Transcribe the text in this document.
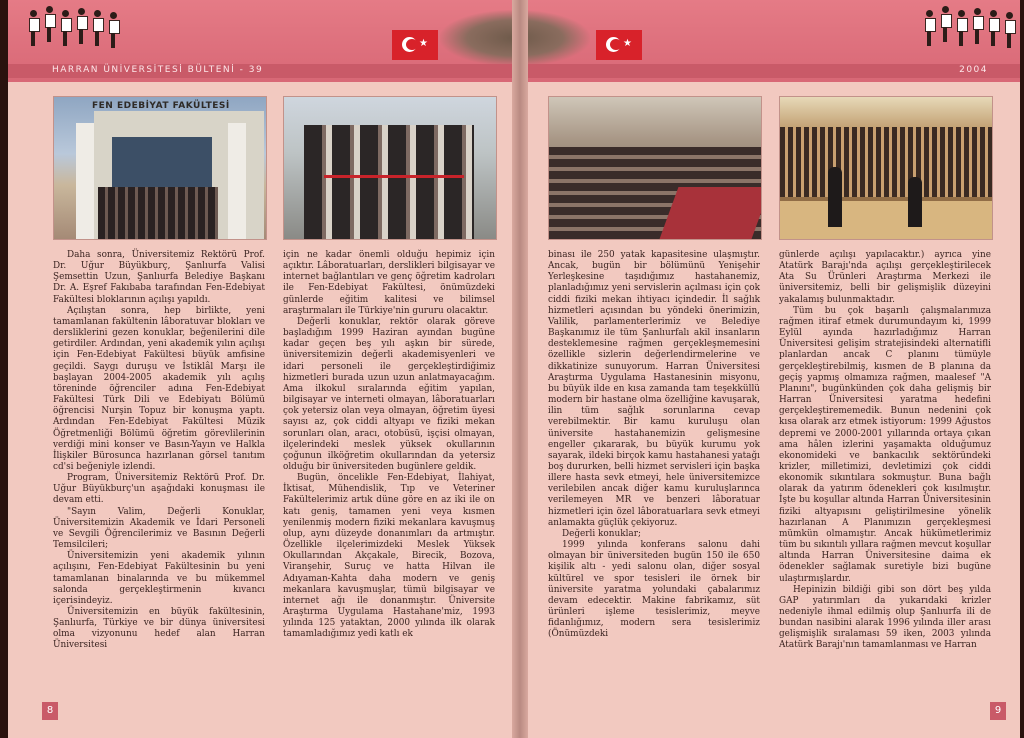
★	★
HARRAN ÜNİVERSİTESİ BÜLTENİ - 39	2004
FEN EDEBİYAT FAKÜLTESİ

Daha sonra, Üniversitemiz Rektörü Prof. Dr. Uğur Büyükburç, Şanlıurfa Valisi Şemsettin Uzun, Şanlıurfa Belediye Başkanı Dr. A. Eşref Fakıbaba tarafından Fen-Edebiyat Fakültesi bloklarının açılışı yapıldı.

Açılıştan sonra, hep birlikte, yeni tamamlanan fakültenin lâboratuvar blokları ve dersliklerini gezen konuklar, beğenilerini dile getirdiler. Ardından, yeni akademik yılın açılışı için Fen-Edebiyat Fakültesi büyük amfisine geçildi. Saygı duruşu ve İstiklâl Marşı ile başlayan 2004-2005 akademik yılı açılış töreninde öğrenciler adına Fen-Edebiyat Fakültesi Türk Dili ve Edebiyatı Bölümü öğrencisi Nurşin Topuz bir konuşma yaptı. Ardından Fen-Edebiyat Fakültesi Müzik Öğretmenliği Bölümü öğretim görevlilerinin verdiği mini konser ve Basın-Yayın ve Halkla İlişkiler Bürosunca hazırlanan görsel tanıtım cd'si beğeniyle izlendi.

Program, Üniversitemiz Rektörü Prof. Dr. Uğur Büyükburç'un aşağıdaki konuşması ile devam etti.

"Sayın Valim, Değerli Konuklar, Üniversitemizin Akademik ve İdari Personeli ve Sevgili Öğrencilerimiz ve Basının Değerli Temsilcileri;

Üniversitemizin yeni akademik yılının açılışını, Fen-Edebiyat Fakültesinin bu yeni tamamlanan binalarında ve bu mükemmel salonda gerçekleştirmenin kıvancı içerisindeyiz.

Üniversitemizin en büyük fakültesinin, Şanlıurfa, Türkiye ve bir dünya üniversitesi olma vizyonunu hedef alan Harran Üniversitesi

için ne kadar önemli olduğu hepimiz için açıktır. Lâboratuarları, derslikleri bilgisayar ve internet bağlantıları ve genç öğretim kadroları ile Fen-Edebiyat Fakültesi, önümüzdeki günlerde eğitim kalitesi ve bilimsel araştırmaları ile Türkiye'nin gururu olacaktır.

Değerli konuklar, rektör olarak göreve başladığım 1999 Haziran ayından bugüne kadar geçen beş yılı aşkın bir sürede, üniversitemizin değerli akademisyenleri ve idari personeli ile gerçekleştirdiğimiz hizmetleri burada uzun uzun anlatmayacağım. Ama ilkokul sıralarında eğitim yapılan, bilgisayar ve interneti olmayan, lâboratuarları çok yetersiz olan veya olmayan, öğretim üyesi sayısı az, çok ciddi altyapı ve fiziki mekan sorunları olan, aracı, otobüsü, işçisi olmayan, ilçelerindeki meslek yüksek okullarının çoğunun ilköğretim okullarından da yetersiz olduğu bir üniversiteden bugünlere geldik.

Bugün, öncelikle Fen-Edebiyat, İlahiyat, İktisat, Mühendislik, Tıp ve Veteriner Fakültelerimiz artık düne göre en az iki ile on katı geniş, tamamen yeni veya kısmen yenilenmiş modern fiziki mekanlara kavuşmuş olup, aynı düzeyde donanımları da artmıştır. Özellikle ilçelerimizdeki Meslek Yüksek Okullarından Akçakale, Birecik, Bozova, Viranşehir, Suruç ve hatta Hilvan ile Adıyaman-Kahta daha modern ve geniş mekanlara kavuşmuşlar, tümü bilgisayar ve internet ağı ile donanmıştır. Üniversite Araştırma Uygulama Hastahane'miz, 1993 yılında 125 yataktan, 2000 yılında ilk olarak tamamladığımız yedi katlı ek

binası ile 250 yatak kapasitesine ulaşmıştır. Ancak, bugün bir bölümünü Yenişehir Yerleşkesine taşıdığımız hastahanemiz, planladığımız yeni servislerin açılması için çok ciddi fiziki mekan ihtiyacı içindedir. İl sağlık hizmetleri açısından bu yöndeki önerimizin, Valilik, parlamenterlerimiz ve Belediye Başkanımız ile tüm Şanlıurfalı akil insanların desteklemesine rağmen gerçekleşmemesini özellikle sizlerin değerlendirmelerine ve dikkatinize sunuyorum. Harran Üniversitesi Araştırma Uygulama Hastanesinin misyonu, bu büyük ilde en kısa zamanda tam teşekküllü modern bir hastane olma özelliğine kavuşarak, ilin tüm sağlık sorunlarına cevap verebilmektir. Bir kamu kuruluşu olan üniversite hastahanemizin gelişmesine engeller çıkararak, bu büyük kurumu yok sayarak, ildeki birçok kamu hastahanesi yatağı boş dururken, belli hizmet servisleri için başka illere hasta sevk etmeyi, hele üniversitemizce verilebilen ancak diğer kamu kuruluşlarınca verilemeyen MR ve benzeri lâboratuar hizmetleri için özel lâboratuarlara sevk etmeyi anlamakta güçlük çekiyoruz.

Değerli konuklar;

1999 yılında konferans salonu dahi olmayan bir üniversiteden bugün 150 ile 650 kişilik altı - yedi salonu olan, diğer sosyal kültürel ve spor tesisleri ile örnek bir üniversite yaratma yolundaki çabalarımız devam edecektir. Makine fabrikamız, süt ürünleri işleme tesislerimiz, meyve fidanlığımız, modern sera tesislerimiz (Önümüzdeki

günlerde açılışı yapılacaktır.) ayrıca yine Atatürk Barajı'nda açılışı gerçekleştirilecek Ata Su Ürünleri Araştırma Merkezi ile üniversitemiz, belli bir gelişmişlik düzeyini yakalamış bulunmaktadır.

Tüm bu çok başarılı çalışmalarımıza rağmen itiraf etmek durumundayım ki, 1999 Eylül ayında hazırladığımız Harran Üniversitesi gelişim stratejisindeki alternatifli planlardan ancak C planını tümüyle gerçekleştirebilmiş, kısmen de B planına da geçiş yapmış olmamıza rağmen, maalesef "A Planını", bugünkünden çok daha gelişmiş bir Harran Üniversitesi yaratma hedefini gerçekleştirememedik. Bunun nedenini çok kısa olarak arz etmek istiyorum: 1999 Ağustos depremi ve 2000-2001 yıllarında ortaya çıkan ama hâlen izlerini yaşamakta olduğumuz ekonomideki ve bankacılık sektöründeki krizler, milletimizi, devletimizi çok ciddi ekonomik sıkıntılara sokmuştur. Buna bağlı olarak da yatırım ödenekleri çok kısılmıştır. İşte bu koşullar altında Harran Üniversitesinin fiziki altyapısını geliştirilmesine yönelik hazırlanan A Planımızın gerçekleşmesi mümkün olmamıştır. Ancak hükümetlerimiz tüm bu sıkıntılı yıllara rağmen mevcut koşullar altında Harran Üniversitesine daima ek ödenekler sağlamak suretiyle bizi bugüne ulaştırmışlardır.

Hepinizin bildiği gibi son dört beş yılda GAP yatırımları da yukarıdaki krizler nedeniyle ihmal edilmiş olup Şanlıurfa ili de bundan nasibini alarak 1996 yılında iller arası gelişmişlik sıralaması 59 iken, 2003 yılında Atatürk Barajı'nın tamamlanması ve Harran

8	9
